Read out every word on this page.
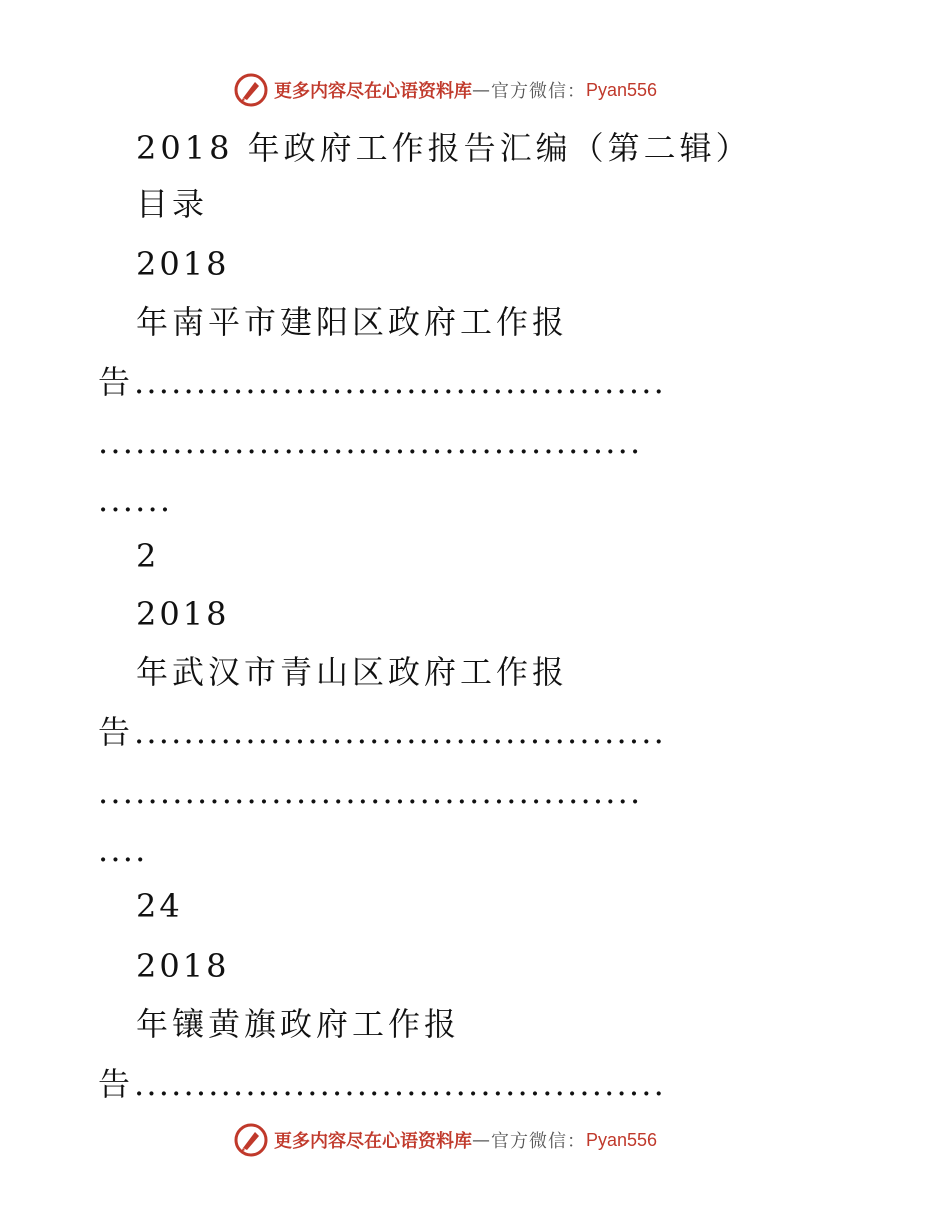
更多内容尽在心语资料库 — 官方微信： Pyan556
2018 年政府工作报告汇编（第二辑）
目录
2018
年南平市建阳区政府工作报
告...........................................
............................................
......
2
2018
年武汉市青山区政府工作报
告...........................................
............................................
....
24
2018
年镶黄旗政府工作报
告...........................................
更多内容尽在心语资料库 — 官方微信： Pyan556
